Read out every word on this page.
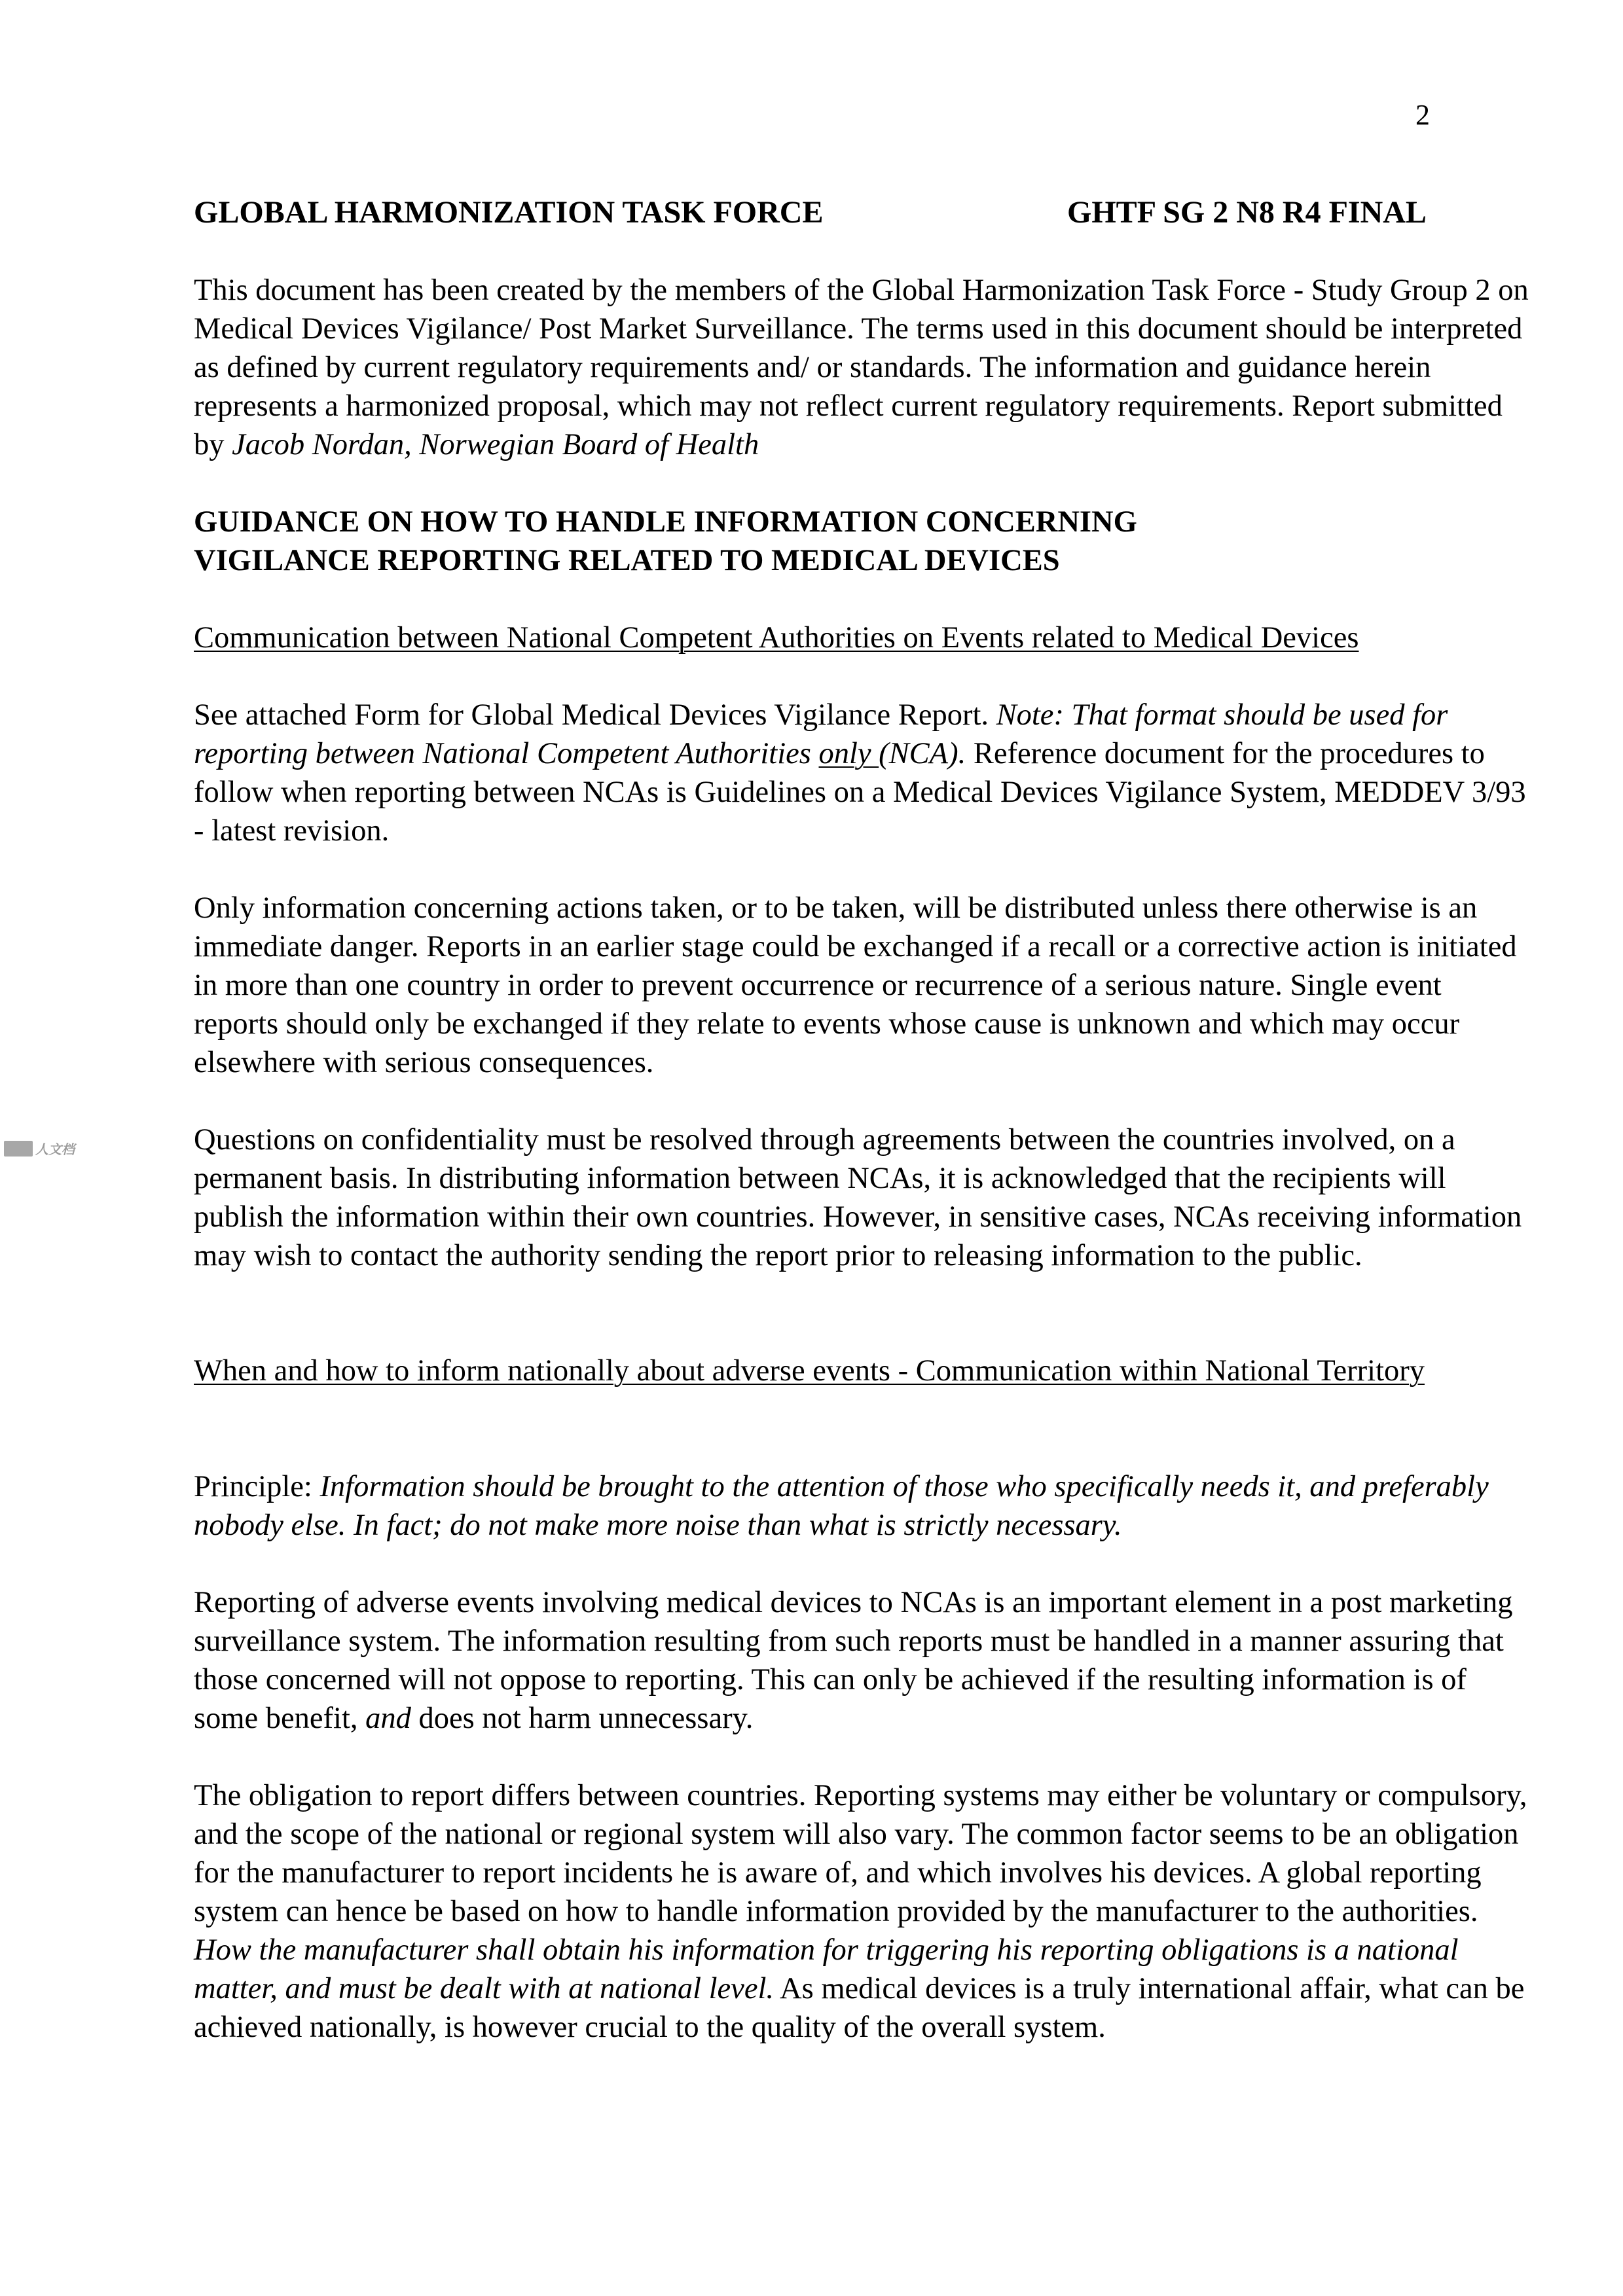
2
GLOBAL HARMONIZATION TASK FORCE	GHTF SG 2 N8 R4 FINAL

This document has been created by the members of the Global Harmonization Task Force - Study Group 2 on Medical Devices Vigilance/ Post Market Surveillance. The terms used in this document should be interpreted as defined by current regulatory requirements and/ or standards. The information and guidance herein represents a harmonized proposal, which may not reflect current regulatory requirements. Report submitted by Jacob Nordan, Norwegian Board of Health

GUIDANCE ON HOW TO HANDLE INFORMATION CONCERNING
VIGILANCE REPORTING RELATED TO MEDICAL DEVICES

Communication between National Competent Authorities on Events related to Medical Devices

See attached Form for Global Medical Devices Vigilance Report. Note: That format should be used for reporting between National Competent Authorities only (NCA). Reference document for the procedures to follow when reporting between NCAs is Guidelines on a Medical Devices Vigilance System, MEDDEV 3/93 - latest revision.

Only information concerning actions taken, or to be taken, will be distributed unless there otherwise is an immediate danger. Reports in an earlier stage could be exchanged if a recall or a corrective action is initiated in more than one country in order to prevent occurrence or recurrence of a serious nature. Single event reports should only be exchanged if they relate to events whose cause is unknown and which may occur elsewhere with serious consequences.

Questions on confidentiality must be resolved through agreements between the countries involved, on a permanent basis. In distributing information between NCAs, it is acknowledged that the recipients will publish the information within their own countries. However, in sensitive cases, NCAs receiving information may wish to contact the authority sending the report prior to releasing information to the public.

When and how to inform nationally about adverse events - Communication within National Territory

Principle: Information should be brought to the attention of those who specifically needs it, and preferably nobody else. In fact; do not make more noise than what is strictly necessary.

Reporting of adverse events involving medical devices to NCAs is an important element in a post marketing surveillance system. The information resulting from such reports must be handled in a manner assuring that those concerned will not oppose to reporting. This can only be achieved if the resulting information is of some benefit, and does not harm unnecessary.

The obligation to report differs between countries. Reporting systems may either be voluntary or compulsory, and the scope of the national or regional system will also vary. The common factor seems to be an obligation for the manufacturer to report incidents he is aware of, and which involves his devices. A global reporting system can hence be based on how to handle information provided by the manufacturer to the authorities. How the manufacturer shall obtain his information for triggering his reporting obligations is a national matter, and must be dealt with at national level. As medical devices is a truly international affair, what can be achieved nationally, is however crucial to the quality of the overall system.

人文档
